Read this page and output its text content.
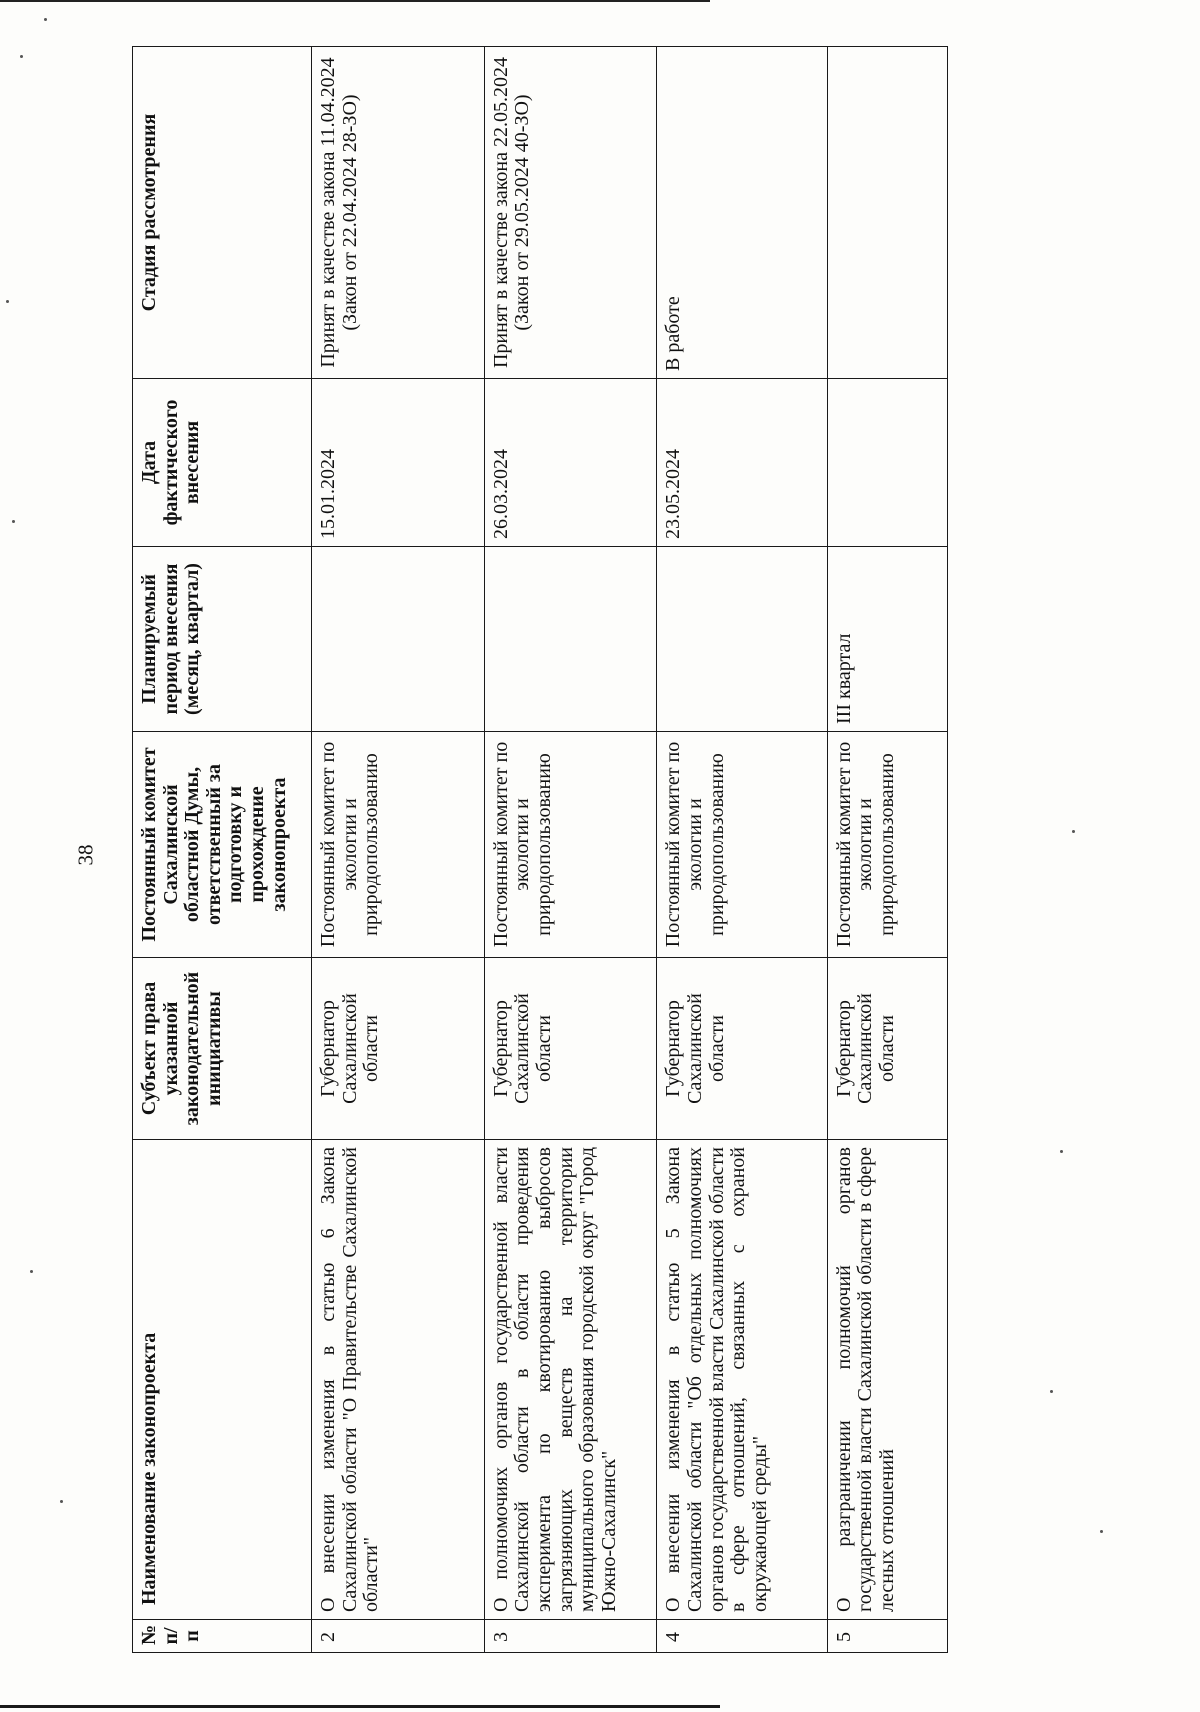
38
№ п/п	Наименование законопроекта	Субъект права указанной законодательной инициативы	Постоянный комитет Сахалинской областной Думы, ответственный за подготовку и прохождение законопроекта	Планируемый период внесения (месяц, квартал)	Дата фактического внесения	Стадия рассмотрения
2	О внесении изменения в статью 6 Закона Сахалинской области "О Правительстве Сахалинской области"	Губернатор Сахалинской области	Постоянный комитет по экологии и природопользованию		15.01.2024	Принят в качестве закона 11.04.2024 (Закон от 22.04.2024 28-ЗО)
3	О полномочиях органов государственной власти Сахалинской области в области проведения эксперимента по квотированию выбросов загрязняющих веществ на территории муниципального образования городской округ "Город Южно-Сахалинск"	Губернатор Сахалинской области	Постоянный комитет по экологии и природопользованию		26.03.2024	Принят в качестве закона 22.05.2024 (Закон от 29.05.2024 40-ЗО)
4	О внесении изменения в статью 5 Закона Сахалинской области "Об отдельных полномочиях органов государственной власти Сахалинской области в сфере отношений, связанных с охраной окружающей среды"	Губернатор Сахалинской области	Постоянный комитет по экологии и природопользованию		23.05.2024	В работе
5	О разграничении полномочий органов государственной власти Сахалинской области в сфере лесных отношений	Губернатор Сахалинской области	Постоянный комитет по экологии и природопользованию	III квартал		
